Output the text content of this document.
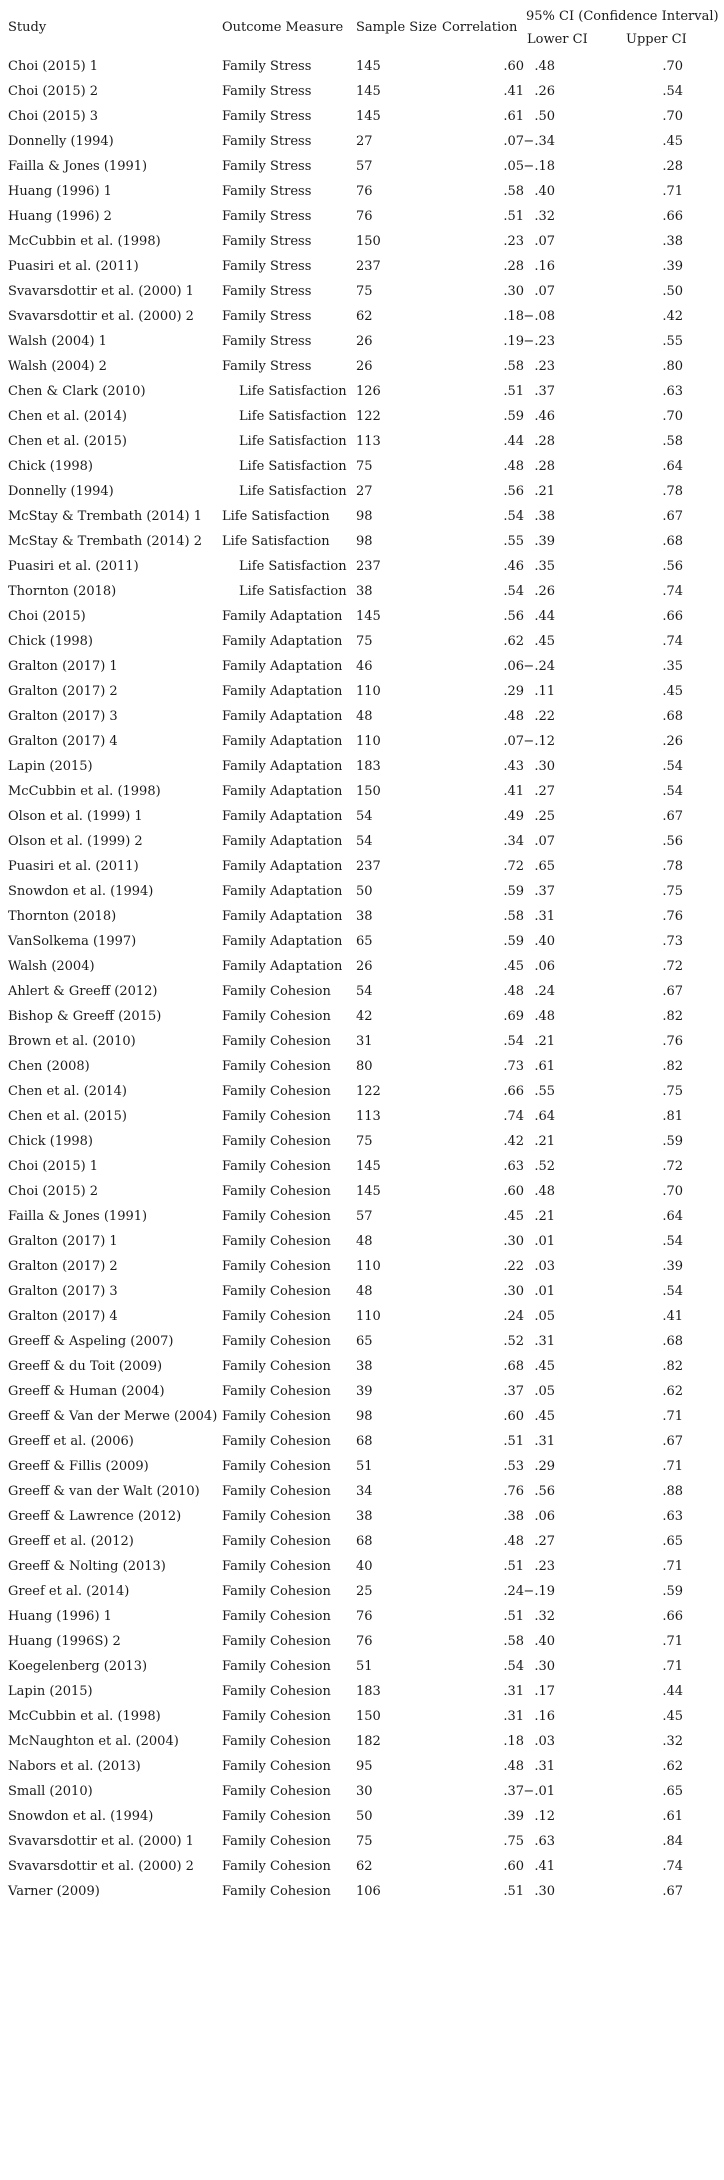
Study	Outcome Measure Sample Size Correlation
95% CI (Confidence Interval)
Lower CI	Upper CI
Choi (2015) 1	Family Stress	145	.60 .48	.70
Choi (2015) 2	Family Stress	145	.41 .26	.54
Choi (2015) 3	Family Stress	145	.61 .50	.70
Donnelly (1994)	Family Stress	27	.07 −.34	.45
Failla & Jones (1991)	Family Stress	57	.05 −.18	.28
Huang (1996) 1	Family Stress	76	.58 .40	.71
Huang (1996) 2	Family Stress	76	.51 .32	.66
McCubbin et al. (1998)	Family Stress	150	.23 .07	.38
Puasiri et al. (2011)	Family Stress	237	.28 .16	.39
Svavarsdottir et al. (2000) 1 Family Stress	75	.30 .07	.50
Svavarsdottir et al. (2000) 2 Family Stress	62	.18 −.08	.42
Walsh (2004) 1	Family Stress	26	.19 −.23	.55
Walsh (2004) 2	Family Stress	26	.58 .23	.80
Chen & Clark (2010)	Life Satisfaction 126	.51 .37	.63
Chen et al. (2014)	Life Satisfaction 122	.59 .46	.70
Chen et al. (2015)	Life Satisfaction 113	.44 .28	.58
Chick (1998)	Life Satisfaction 75	.48 .28	.64
Donnelly (1994)	Life Satisfaction 27	.56 .21	.78
McStay & Trembath (2014) 1 Life Satisfaction 98	.54 .38	.67
McStay & Trembath (2014) 2 Life Satisfaction 98	.55 .39	.68
Puasiri et al. (2011)	Life Satisfaction 237	.46 .35	.56
Thornton (2018)	Life Satisfaction 38	.54 .26	.74
Choi (2015)	Family Adaptation 145	.56 .44	.66
Chick (1998)	Family Adaptation 75	.62 .45	.74
Gralton (2017) 1	Family Adaptation 46	.06 −.24	.35
Gralton (2017) 2	Family Adaptation 110	.29 .11	.45
Gralton (2017) 3	Family Adaptation 48	.48 .22	.68
Gralton (2017) 4	Family Adaptation 110	.07 −.12	.26
Lapin (2015)	Family Adaptation 183	.43 .30	.54
McCubbin et al. (1998)	Family Adaptation 150	.41 .27	.54
Olson et al. (1999) 1	Family Adaptation 54	.49 .25	.67
Olson et al. (1999) 2	Family Adaptation 54	.34 .07	.56
Puasiri et al. (2011)	Family Adaptation 237	.72 .65	.78
Snowdon et al. (1994)	Family Adaptation 50	.59 .37	.75
Thornton (2018)	Family Adaptation 38	.58 .31	.76
VanSolkema (1997)	Family Adaptation 65	.59 .40	.73
Walsh (2004)	Family Adaptation 26	.45 .06	.72
Ahlert & Greeff (2012)	Family Cohesion 54	.48 .24	.67
Bishop & Greeff (2015)	Family Cohesion 42	.69 .48	.82
Brown et al. (2010)	Family Cohesion 31	.54 .21	.76
Chen (2008)	Family Cohesion 80	.73 .61	.82
Chen et al. (2014)	Family Cohesion 122	.66 .55	.75
Chen et al. (2015)	Family Cohesion 113	.74 .64	.81
Chick (1998)	Family Cohesion 75	.42 .21	.59
Choi (2015) 1	Family Cohesion 145	.63 .52	.72
Choi (2015) 2	Family Cohesion 145	.60 .48	.70
Failla & Jones (1991)	Family Cohesion 57	.45 .21	.64
Gralton (2017) 1	Family Cohesion 48	.30 .01	.54
Gralton (2017) 2	Family Cohesion 110	.22 .03	.39
Gralton (2017) 3	Family Cohesion 48	.30 .01	.54
Gralton (2017) 4	Family Cohesion 110	.24 .05	.41
Greeff & Aspeling (2007)	Family Cohesion 65	.52 .31	.68
Greeff & du Toit (2009)	Family Cohesion 38	.68 .45	.82
Greeff & Human (2004)	Family Cohesion 39	.37 .05	.62
Greeff & Van der Merwe (2004) Family Cohesion 98	.60 .45	.71
Greeff et al. (2006)	Family Cohesion 68	.51 .31	.67
Greeff & Fillis (2009)	Family Cohesion 51	.53 .29	.71
Greeff & van der Walt (2010) Family Cohesion 34	.76 .56	.88
Greeff & Lawrence (2012)	Family Cohesion 38	.38 .06	.63
Greeff et al. (2012)	Family Cohesion 68	.48 .27	.65
Greeff & Nolting (2013)	Family Cohesion 40	.51 .23	.71
Greef et al. (2014)	Family Cohesion 25	.24 −.19	.59
Huang (1996) 1	Family Cohesion 76	.51 .32	.66
Huang (1996S) 2	Family Cohesion 76	.58 .40	.71
Koegelenberg (2013)	Family Cohesion 51	.54 .30	.71
Lapin (2015)	Family Cohesion 183	.31 .17	.44
McCubbin et al. (1998)	Family Cohesion 150	.31 .16	.45
McNaughton et al. (2004)	Family Cohesion 182	.18 .03	.32
Nabors et al. (2013)	Family Cohesion 95	.48 .31	.62
Small (2010)	Family Cohesion 30	.37 −.01	.65
Snowdon et al. (1994)	Family Cohesion 50	.39 .12	.61
Svavarsdottir et al. (2000) 1 Family Cohesion 75	.75 .63	.84
Svavarsdottir et al. (2000) 2 Family Cohesion 62	.60 .41	.74
Varner (2009)	Family Cohesion 106	.51 .30	.67
